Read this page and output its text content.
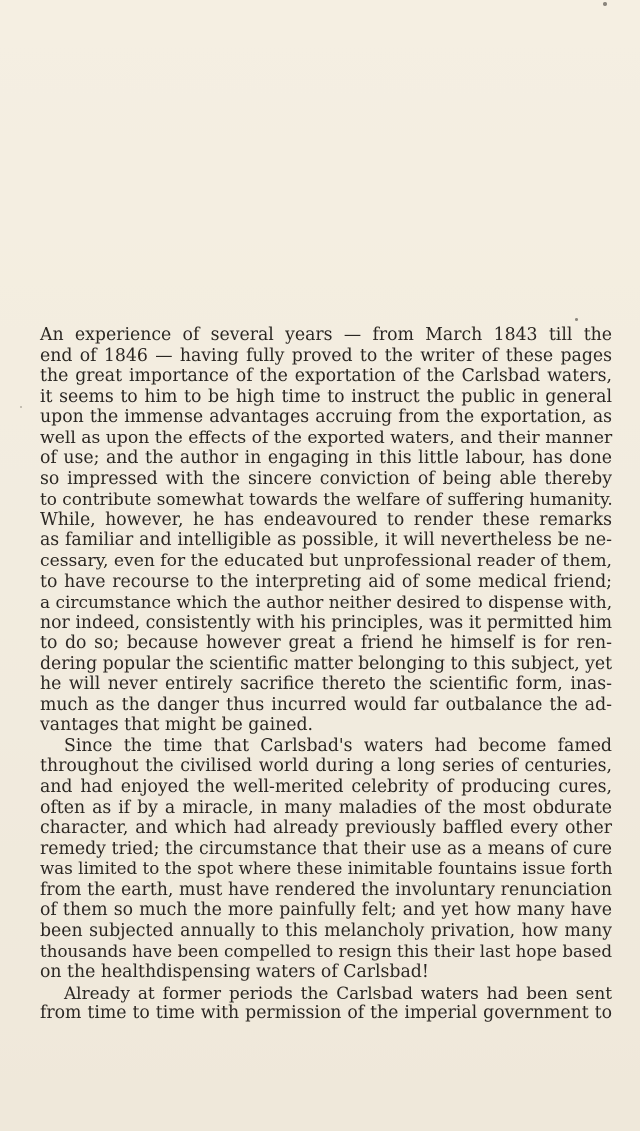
An experience of several years — from March 1843 till the
end of 1846 — having fully proved to the writer of these pages
the great importance of the exportation of the Carlsbad waters,
it seems to him to be high time to instruct the public in general
upon the immense advantages accruing from the exportation, as
well as upon the effects of the exported waters, and their manner
of use; and the author in engaging in this little labour, has done
so impressed with the sincere conviction of being able thereby
to contribute somewhat towards the welfare of suffering humanity.
While, however, he has endeavoured to render these remarks
as familiar and intelligible as possible, it will nevertheless be ne-
cessary, even for the educated but unprofessional reader of them,
to have recourse to the interpreting aid of some medical friend;
a circumstance which the author neither desired to dispense with,
nor indeed, consistently with his principles, was it permitted him
to do so; because however great a friend he himself is for ren-
dering popular the scientific matter belonging to this subject, yet
he will never entirely sacrifice thereto the scientific form, inas-
much as the danger thus incurred would far outbalance the ad-
vantages that might be gained.
Since the time that Carlsbad's waters had become famed
throughout the civilised world during a long series of centuries,
and had enjoyed the well-merited celebrity of producing cures,
often as if by a miracle, in many maladies of the most obdurate
character, and which had already previously baffled every other
remedy tried; the circumstance that their use as a means of cure
was limited to the spot where these inimitable fountains issue forth
from the earth, must have rendered the involuntary renunciation
of them so much the more painfully felt; and yet how many have
been subjected annually to this melancholy privation, how many
thousands have been compelled to resign this their last hope based
on the healthdispensing waters of Carlsbad!
Already at former periods the Carlsbad waters had been sent
from time to time with permission of the imperial government to
